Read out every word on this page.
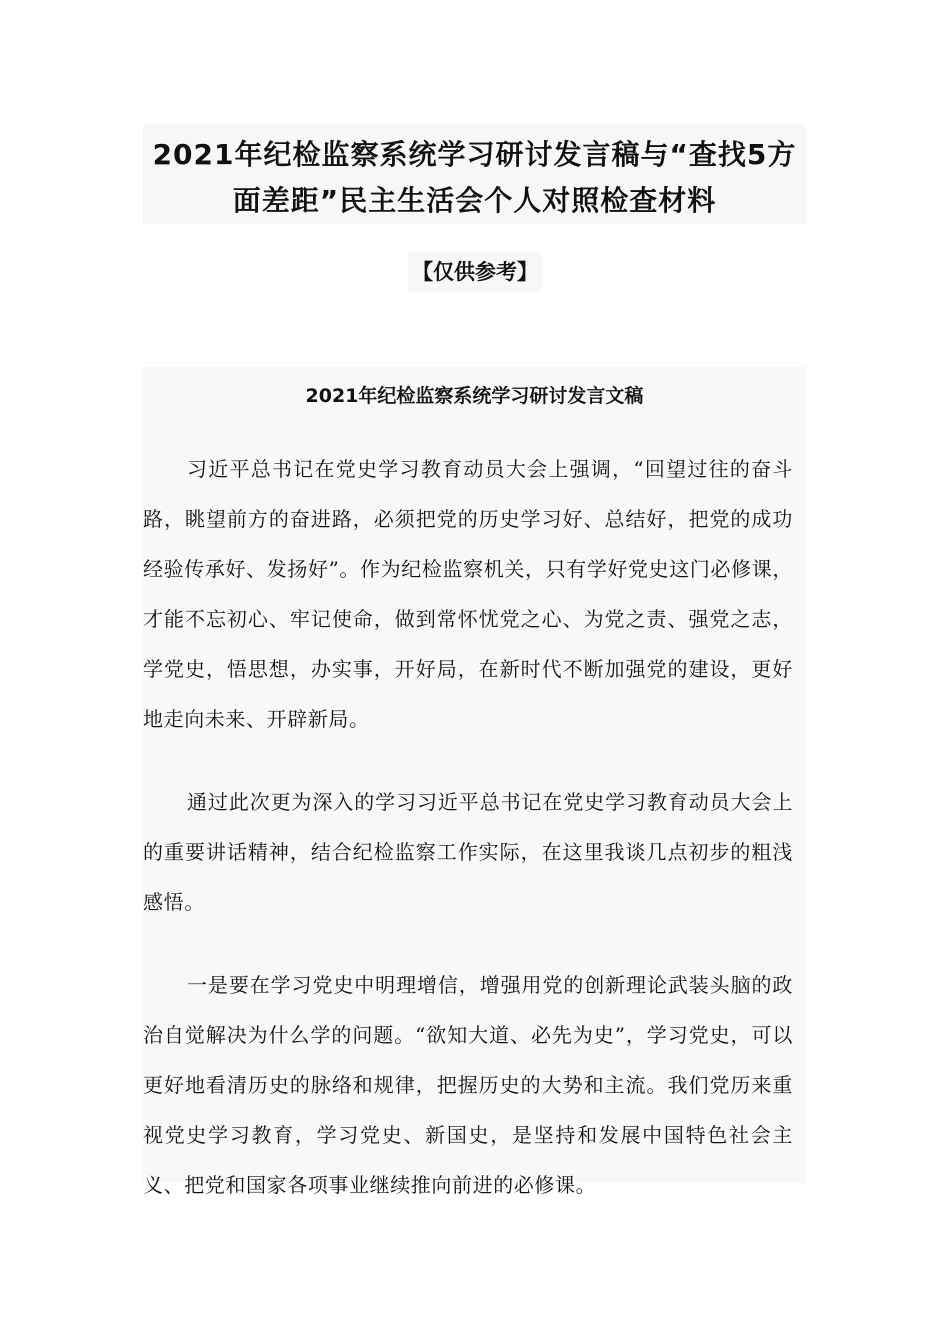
2021年纪检监察系统学习研讨发言稿与“查找5方面差距”民主生活会个人对照检查材料
【仅供参考】
2021年纪检监察系统学习研讨发言文稿

习近平总书记在党史学习教育动员大会上强调，“回望过往的奋斗路，眺望前方的奋进路，必须把党的历史学习好、总结好，把党的成功经验传承好、发扬好”。作为纪检监察机关，只有学好党史这门必修课，才能不忘初心、牢记使命，做到常怀忧党之心、为党之责、强党之志，学党史，悟思想，办实事，开好局，在新时代不断加强党的建设，更好地走向未来、开辟新局。

通过此次更为深入的学习习近平总书记在党史学习教育动员大会上的重要讲话精神，结合纪检监察工作实际，在这里我谈几点初步的粗浅感悟。

一是要在学习党史中明理增信，增强用党的创新理论武装头脑的政治自觉解决为什么学的问题。“欲知大道、必先为史”，学习党史，可以更好地看清历史的脉络和规律，把握历史的大势和主流。我们党历来重视党史学习教育，学习党史、新国史，是坚持和发展中国特色社会主义、把党和国家各项事业继续推向前进的必修课。
